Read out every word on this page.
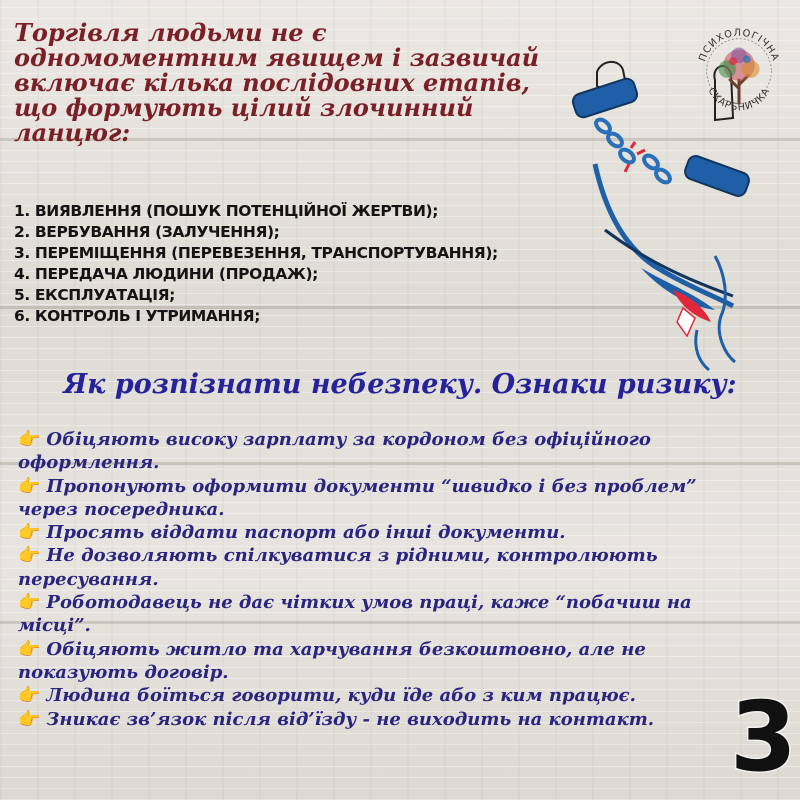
Торгівля людьми не є одномоментним явищем і зазвичай включає кілька послідовних етапів, що формують цілий злочинний ланцюг:

1. ВИЯВЛЕННЯ (ПОШУК ПОТЕНЦІЙНОЇ ЖЕРТВИ);
2. ВЕРБУВАННЯ (ЗАЛУЧЕННЯ);
3. ПЕРЕМІЩЕННЯ (ПЕРЕВЕЗЕННЯ, ТРАНСПОРТУВАННЯ);
4. ПЕРЕДАЧА ЛЮДИНИ (ПРОДАЖ);
5. ЕКСПЛУАТАЦІЯ;
6. КОНТРОЛЬ І УТРИМАННЯ;
ПСИХОЛОГІЧНА
СКАРБНИЧКА
Як розпізнати небезпеку. Ознаки ризику:
👉 Обіцяють високу зарплату за кордоном без офіційного оформлення.
👉 Пропонують оформити документи “швидко і без проблем” через посередника.
👉 Просять віддати паспорт або інші документи.
👉 Не дозволяють спілкуватися з рідними, контролюють пересування.
👉 Роботодавець не дає чітких умов праці, каже “побачиш на місці”.
👉 Обіцяють житло та харчування безкоштовно, але не показують договір.
👉 Людина боїться говорити, куди їде або з ким працює.
👉 Зникає зв’язок після від’їзду - не виходить на контакт. 3
